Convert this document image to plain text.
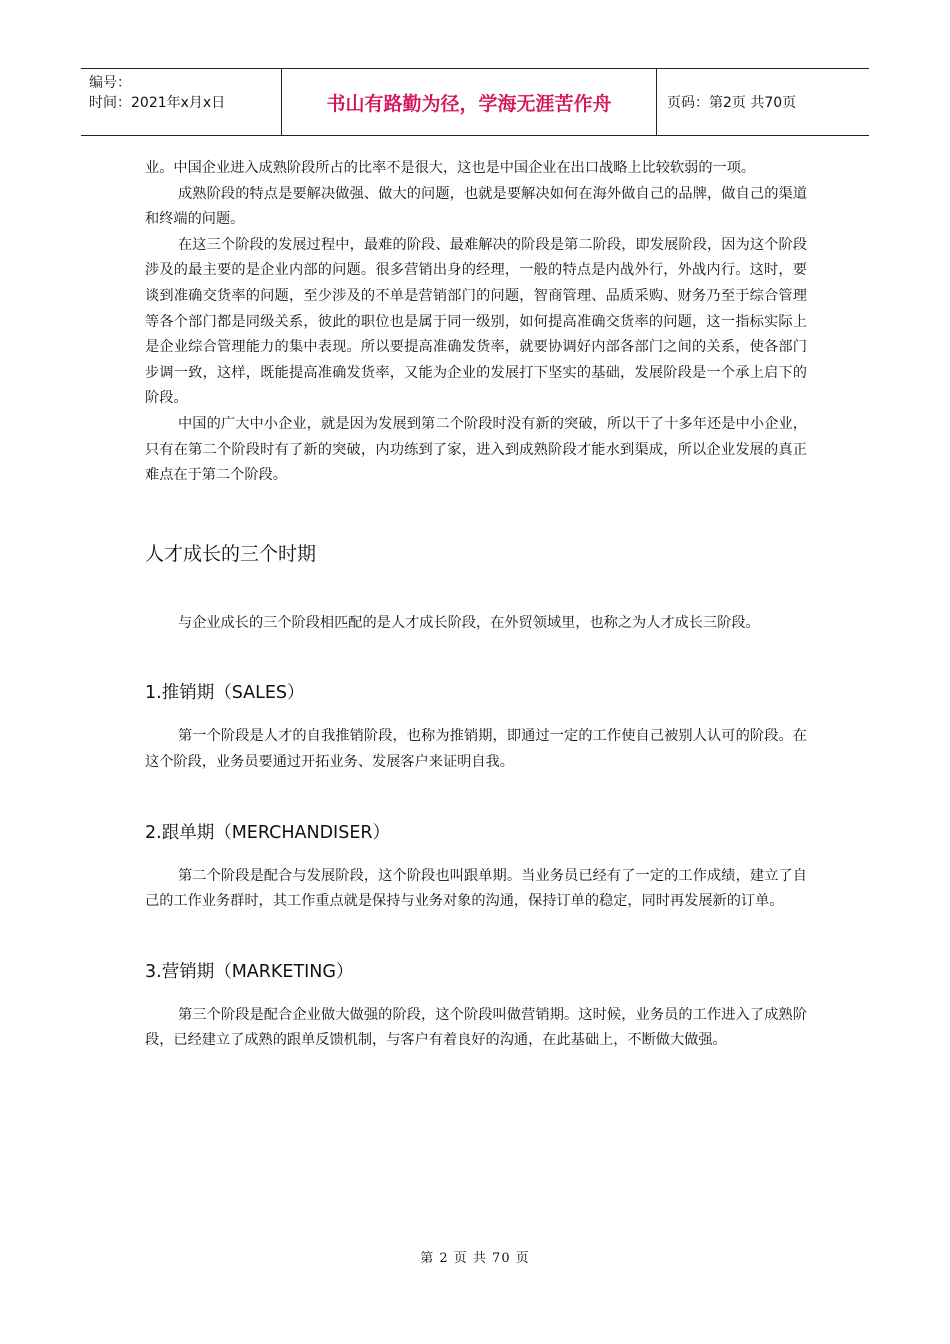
编号：
时间：2021年x月x日	书山有路勤为径，学海无涯苦作舟	页码：第2页 共70页

业。中国企业进入成熟阶段所占的比率不是很大，这也是中国企业在出口战略上比较软弱的一项。

成熟阶段的特点是要解决做强、做大的问题，也就是要解决如何在海外做自己的品牌，做自己的渠道和终端的问题。

在这三个阶段的发展过程中，最难的阶段、最难解决的阶段是第二阶段，即发展阶段，因为这个阶段涉及的最主要的是企业内部的问题。很多营销出身的经理，一般的特点是内战外行，外战内行。这时，要谈到准确交货率的问题，至少涉及的不单是营销部门的问题，智商管理、品质采购、财务乃至于综合管理等各个部门都是同级关系，彼此的职位也是属于同一级别，如何提高准确交货率的问题，这一指标实际上是企业综合管理能力的集中表现。所以要提高准确发货率，就要协调好内部各部门之间的关系，使各部门步调一致，这样，既能提高准确发货率，又能为企业的发展打下坚实的基础，发展阶段是一个承上启下的阶段。

中国的广大中小企业，就是因为发展到第二个阶段时没有新的突破，所以干了十多年还是中小企业，只有在第二个阶段时有了新的突破，内功练到了家，进入到成熟阶段才能水到渠成，所以企业发展的真正难点在于第二个阶段。

人才成长的三个时期

与企业成长的三个阶段相匹配的是人才成长阶段，在外贸领域里，也称之为人才成长三阶段。

1.推销期（SALES）

第一个阶段是人才的自我推销阶段，也称为推销期，即通过一定的工作使自己被别人认可的阶段。在这个阶段，业务员要通过开拓业务、发展客户来证明自我。

2.跟单期（MERCHANDISER）

第二个阶段是配合与发展阶段，这个阶段也叫跟单期。当业务员已经有了一定的工作成绩，建立了自己的工作业务群时，其工作重点就是保持与业务对象的沟通，保持订单的稳定，同时再发展新的订单。

3.营销期（MARKETING）

第三个阶段是配合企业做大做强的阶段，这个阶段叫做营销期。这时候，业务员的工作进入了成熟阶段，已经建立了成熟的跟单反馈机制，与客户有着良好的沟通，在此基础上，不断做大做强。

第 2 页 共 70 页
